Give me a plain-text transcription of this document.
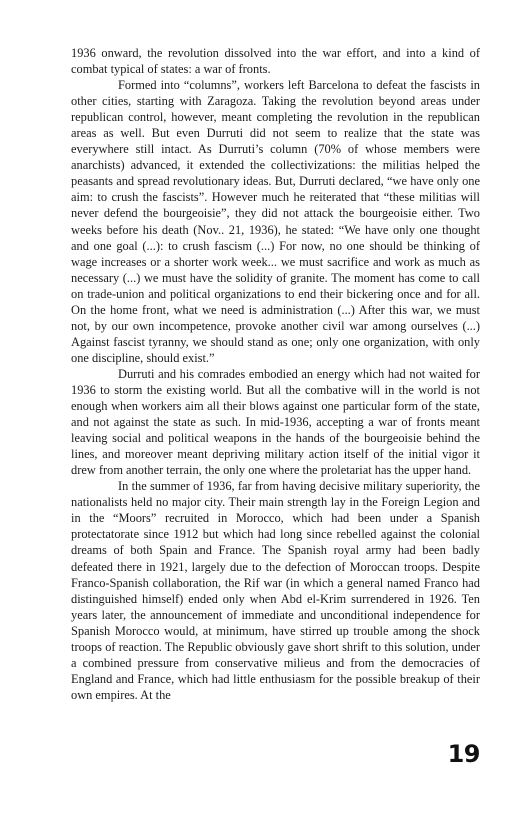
1936 onward, the revolution dissolved into the war effort, and into a kind of combat typical of states: a war of fronts.

Formed into “columns”, workers left Barcelona to defeat the fascists in other cities, starting with Zaragoza. Taking the revolution beyond areas under republican control, however, meant completing the revolution in the republican areas as well. But even Durruti did not seem to realize that the state was everywhere still intact. As Durruti’s column (70% of whose members were anarchists) advanced, it extended the collectivizations: the militias helped the peasants and spread revolutionary ideas. But, Durruti declared, “we have only one aim: to crush the fascists”. However much he reiterated that “these militias will never defend the bourgeoisie”, they did not attack the bourgeoisie either. Two weeks before his death (Nov.. 21, 1936), he stated: “We have only one thought and one goal (...): to crush fascism (...) For now, no one should be thinking of wage increases or a shorter work week... we must sacrifice and work as much as necessary (...) we must have the solidity of granite. The moment has come to call on trade-union and political organizations to end their bickering once and for all. On the home front, what we need is administration (...) After this war, we must not, by our own incompetence, provoke another civil war among ourselves (...) Against fascist tyranny, we should stand as one; only one organization, with only one discipline, should exist.”

Durruti and his comrades embodied an energy which had not waited for 1936 to storm the existing world. But all the combative will in the world is not enough when workers aim all their blows against one particular form of the state, and not against the state as such. In mid-1936, accepting a war of fronts meant leaving social and political weapons in the hands of the bourgeoisie behind the lines, and moreover meant depriving military action itself of the initial vigor it drew from another terrain, the only one where the proletariat has the upper hand.

In the summer of 1936, far from having decisive military superiority, the nationalists held no major city. Their main strength lay in the Foreign Legion and in the “Moors” recruited in Morocco, which had been under a Spanish protectatorate since 1912 but which had long since rebelled against the colonial dreams of both Spain and France. The Spanish royal army had been badly defeated there in 1921, largely due to the defection of Moroccan troops. Despite Franco-Spanish collaboration, the Rif war (in which a general named Franco had distinguished himself) ended only when Abd el-Krim surrendered in 1926. Ten years later, the announcement of immediate and unconditional independence for Spanish Morocco would, at minimum, have stirred up trouble among the shock troops of reaction. The Republic obviously gave short shrift to this solution, under a combined pressure from conservative milieus and from the democracies of England and France, which had little enthusiasm for the possible breakup of their own empires. At the

19
